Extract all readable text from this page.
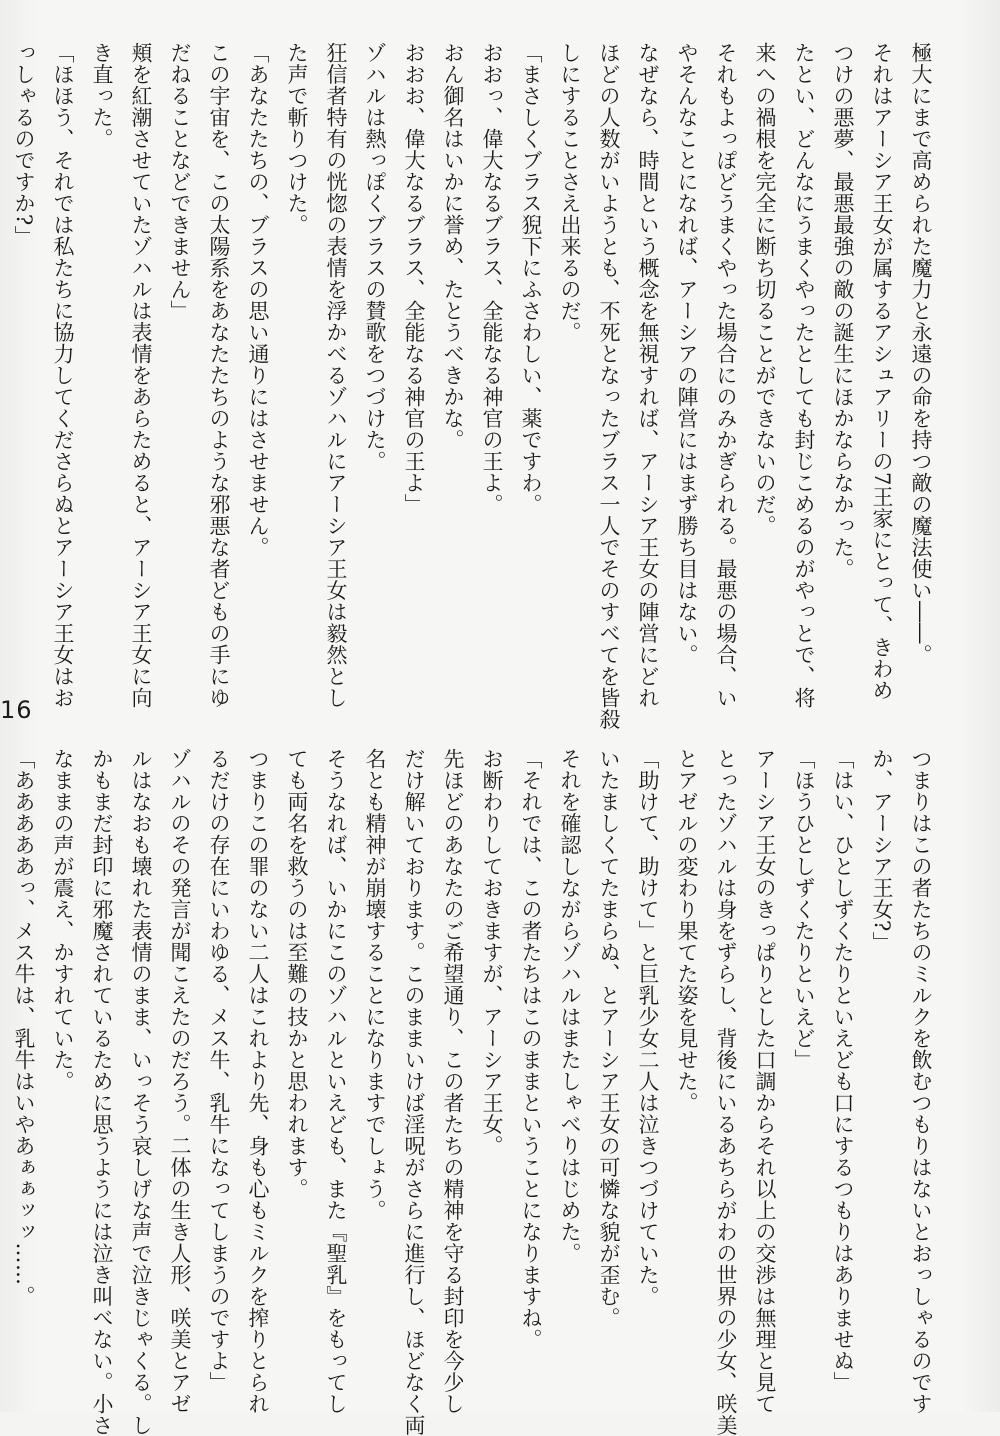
16
極大にまで高められた魔力と永遠の命を持つ敵の魔法使い――。
それはアーシア王女が属するアシュアリーの7王家にとって、きわめ
つけの悪夢、最悪最強の敵の誕生にほかならなかった。
たとい、どんなにうまくやったとしても封じこめるのがやっとで、将
来への禍根を完全に断ち切ることができないのだ。
それもよっぽどうまくやった場合にのみかぎられる。最悪の場合、い
やそんなことになれば、アーシアの陣営にはまず勝ち目はない。
なぜなら、時間という概念を無視すれば、アーシア王女の陣営にどれ
ほどの人数がいようとも、不死となったブラス一人でそのすべてを皆殺
しにすることさえ出来るのだ。
「まさしくブラス猊下にふさわしい、薬ですわ。
おおっ、偉大なるブラス、全能なる神官の王よ。
おん御名はいかに誉め、たとうべきかな。
おおお、偉大なるブラス、全能なる神官の王よ」
ゾハルは熱っぽくブラスの賛歌をつづけた。
狂信者特有の恍惚の表情を浮かべるゾハルにアーシア王女は毅然とし
た声で斬りつけた。
「あなたたちの、ブラスの思い通りにはさせません。
この宇宙を、この太陽系をあなたたちのような邪悪な者どもの手にゆ
だねることなどできません」
頬を紅潮させていたゾハルは表情をあらためると、アーシア王女に向
き直った。
「ほほう、それでは私たちに協力してくださらぬとアーシア王女はお
っしゃるのですか?」
つまりはこの者たちのミルクを飲むつもりはないとおっしゃるのです
か、アーシア王女?」
「はい、ひとしずくたりといえども口にするつもりはありませぬ」
「ほうひとしずくたりといえど」
アーシア王女のきっぱりとした口調からそれ以上の交渉は無理と見て
とったゾハルは身をずらし、背後にいるあちらがわの世界の少女、咲美
とアゼルの変わり果てた姿を見せた。
「助けて、助けて」と巨乳少女二人は泣きつづけていた。
いたましくてたまらぬ、とアーシア王女の可憐な貌が歪む。
それを確認しながらゾハルはまたしゃべりはじめた。
「それでは、この者たちはこのままということになりますね。
お断わりしておきますが、アーシア王女。
先ほどのあなたのご希望通り、この者たちの精神を守る封印を今少し
だけ解いております。このままいけば淫呪がさらに進行し、ほどなく両
名とも精神が崩壊することになりますでしょう。
そうなれば、いかにこのゾハルといえども、また『聖乳』をもってし
ても両名を救うのは至難の技かと思われます。
つまりこの罪のない二人はこれより先、身も心もミルクを搾りとられ
るだけの存在にいわゆる、メス牛、乳牛になってしまうのですよ」
ゾハルのその発言が聞こえたのだろう。二体の生き人形、咲美とアゼ
ルはなおも壊れた表情のまま、いっそう哀しげな声で泣きじゃくる。し
かもまだ封印に邪魔されているために思うようには泣き叫べない。小さ
なままの声が震え、かすれていた。
「あああああっ、メス牛は、乳牛はいやあぁぁッッ……。
